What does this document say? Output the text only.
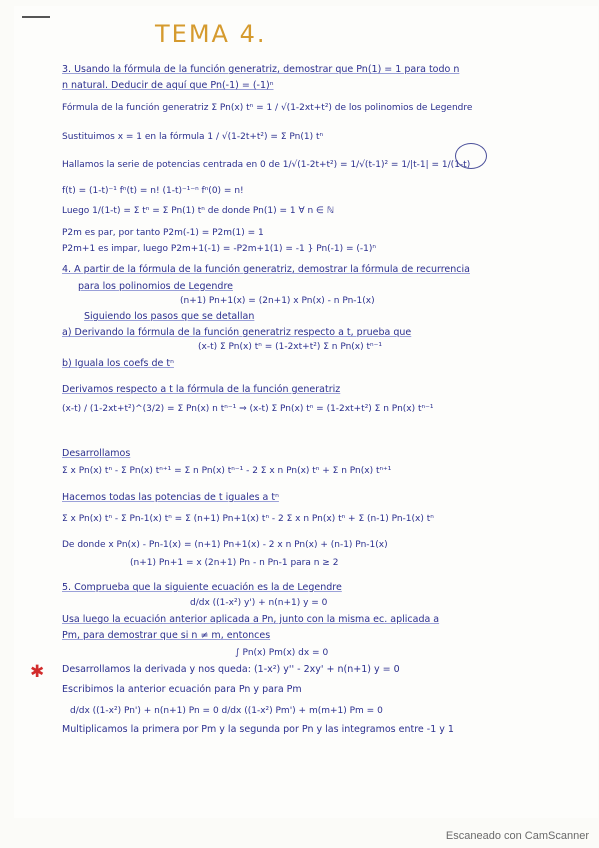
TEMA 4.
3. Usando la fórmula de la función generatriz, demostrar que Pn(1) = 1 para todo n
n natural. Deducir de aquí que Pn(-1) = (-1)ⁿ
Fórmula de la función generatriz Σ Pn(x) tⁿ = 1 / √(1-2xt+t²) de los polinomios de Legendre
Sustituimos x = 1 en la fórmula 1 / √(1-2t+t²) = Σ Pn(1) tⁿ
Hallamos la serie de potencias centrada en 0 de 1/√(1-2t+t²) = 1/√(t-1)² = 1/|t-1| = 1/(1-t)
f(t) = (1-t)⁻¹ fⁿ(t) = n! (1-t)⁻¹⁻ⁿ fⁿ(0) = n!
Luego 1/(1-t) = Σ tⁿ = Σ Pn(1) tⁿ de donde Pn(1) = 1 ∀ n ∈ ℕ
P2m es par, por tanto P2m(-1) = P2m(1) = 1
P2m+1 es impar, luego P2m+1(-1) = -P2m+1(1) = -1 } Pn(-1) = (-1)ⁿ
4. A partir de la fórmula de la función generatriz, demostrar la fórmula de recurrencia
para los polinomios de Legendre
(n+1) Pn+1(x) = (2n+1) x Pn(x) - n Pn-1(x)
Siguiendo los pasos que se detallan
a) Derivando la fórmula de la función generatriz respecto a t, prueba que
(x-t) Σ Pn(x) tⁿ = (1-2xt+t²) Σ n Pn(x) tⁿ⁻¹
b) Iguala los coefs de tⁿ
Derivamos respecto a t la fórmula de la función generatriz
(x-t) / (1-2xt+t²)^(3/2) = Σ Pn(x) n tⁿ⁻¹ ⇒ (x-t) Σ Pn(x) tⁿ = (1-2xt+t²) Σ n Pn(x) tⁿ⁻¹
Desarrollamos
Σ x Pn(x) tⁿ - Σ Pn(x) tⁿ⁺¹ = Σ n Pn(x) tⁿ⁻¹ - 2 Σ x n Pn(x) tⁿ + Σ n Pn(x) tⁿ⁺¹
Hacemos todas las potencias de t iguales a tⁿ
Σ x Pn(x) tⁿ - Σ Pn-1(x) tⁿ = Σ (n+1) Pn+1(x) tⁿ - 2 Σ x n Pn(x) tⁿ + Σ (n-1) Pn-1(x) tⁿ
De donde x Pn(x) - Pn-1(x) = (n+1) Pn+1(x) - 2 x n Pn(x) + (n-1) Pn-1(x)
(n+1) Pn+1 = x (2n+1) Pn - n Pn-1 para n ≥ 2
5. Comprueba que la siguiente ecuación es la de Legendre
d/dx ((1-x²) y') + n(n+1) y = 0
Usa luego la ecuación anterior aplicada a Pn, junto con la misma ec. aplicada a
Pm, para demostrar que si n ≠ m, entonces
∫ Pn(x) Pm(x) dx = 0
✱ Desarrollamos la derivada y nos queda: (1-x²) y'' - 2xy' + n(n+1) y = 0
Escribimos la anterior ecuación para Pn y para Pm
d/dx ((1-x²) Pn') + n(n+1) Pn = 0 d/dx ((1-x²) Pm') + m(m+1) Pm = 0
Multiplicamos la primera por Pm y la segunda por Pn y las integramos entre -1 y 1
Escaneado con CamScanner
